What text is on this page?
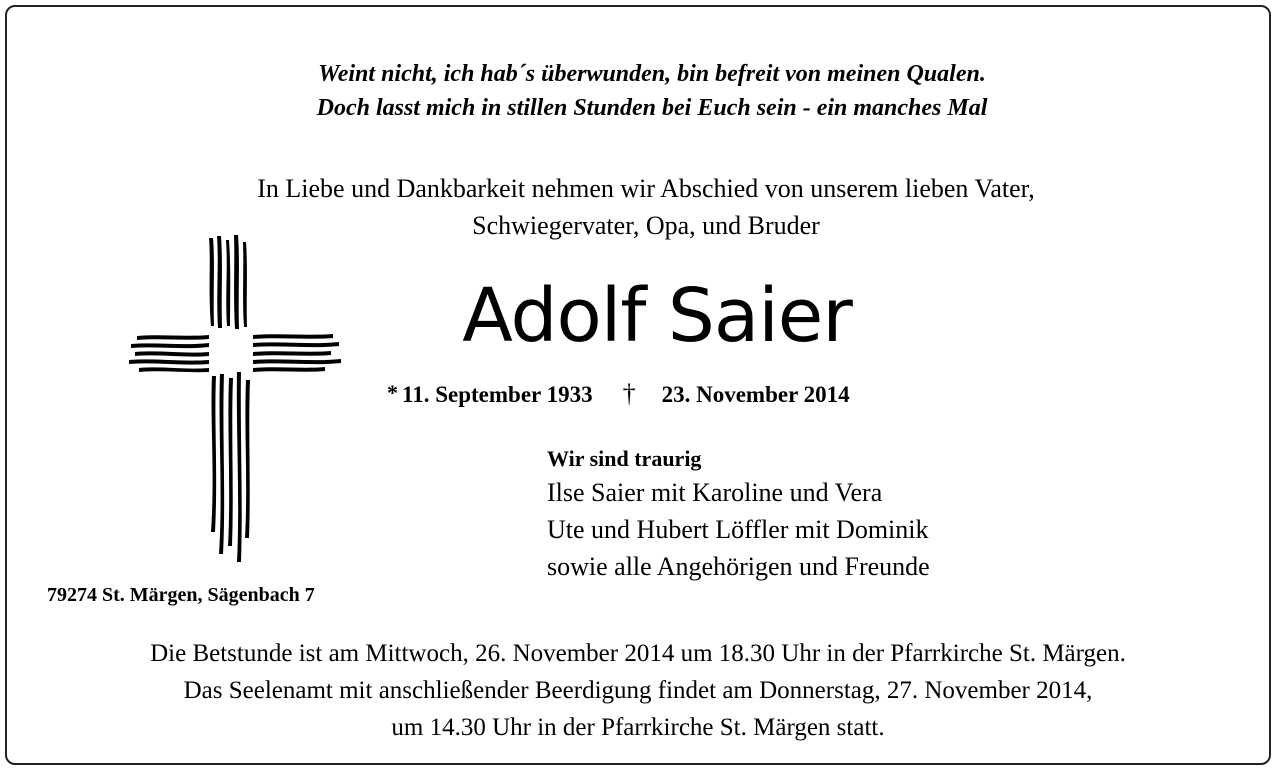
Weint nicht, ich hab´s überwunden, bin befreit von meinen Qualen.
Doch lasst mich in stillen Stunden bei Euch sein - ein manches Mal
In Liebe und Dankbarkeit nehmen wir Abschied von unserem lieben Vater,
Schwiegervater, Opa, und Bruder
Adolf Saier
* 11. September 1933 † 23. November 2014
Wir sind traurig
Ilse Saier mit Karoline und Vera
Ute und Hubert Löffler mit Dominik
sowie alle Angehörigen und Freunde
79274 St. Märgen, Sägenbach 7
Die Betstunde ist am Mittwoch, 26. November 2014 um 18.30 Uhr in der Pfarrkirche St. Märgen.
Das Seelenamt mit anschließender Beerdigung findet am Donnerstag, 27. November 2014,
um 14.30 Uhr in der Pfarrkirche St. Märgen statt.
